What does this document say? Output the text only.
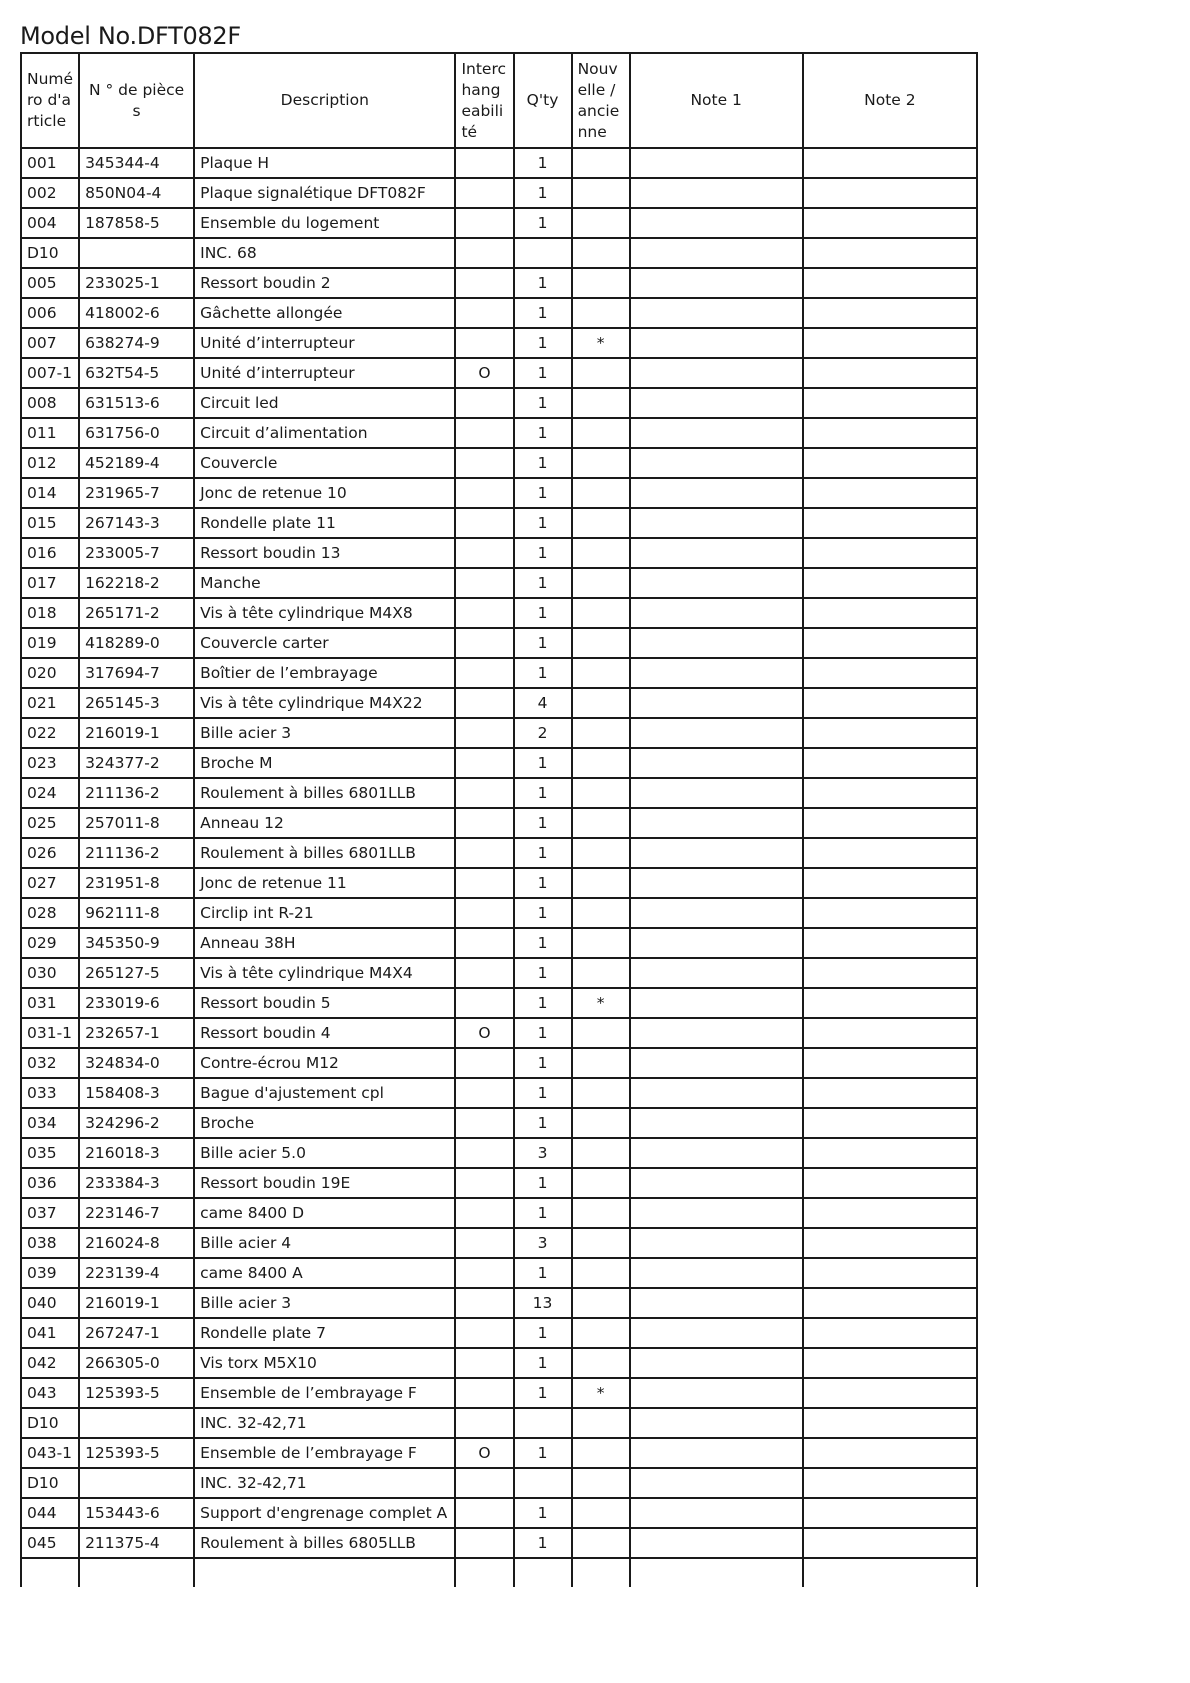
Model No.DFT082F
Numéro d'article	N ° de pièces	Description	Interchangeabilité	Q'ty	Nouvelle / ancienne	Note 1	Note 2
001	345344-4	Plaque H		1			
002	850N04-4	Plaque signalétique DFT082F		1			
004	187858-5	Ensemble du logement		1			
D10		INC. 68					
005	233025-1	Ressort boudin 2		1			
006	418002-6	Gâchette allongée		1			
007	638274-9	Unité d’interrupteur		1	*		
007-1	632T54-5	Unité d’interrupteur	O	1			
008	631513-6	Circuit led		1			
011	631756-0	Circuit d’alimentation		1			
012	452189-4	Couvercle		1			
014	231965-7	Jonc de retenue 10		1			
015	267143-3	Rondelle plate 11		1			
016	233005-7	Ressort boudin 13		1			
017	162218-2	Manche		1			
018	265171-2	Vis à tête cylindrique M4X8		1			
019	418289-0	Couvercle carter		1			
020	317694-7	Boîtier de l’embrayage		1			
021	265145-3	Vis à tête cylindrique M4X22		4			
022	216019-1	Bille acier 3		2			
023	324377-2	Broche M		1			
024	211136-2	Roulement à billes 6801LLB		1			
025	257011-8	Anneau 12		1			
026	211136-2	Roulement à billes 6801LLB		1			
027	231951-8	Jonc de retenue 11		1			
028	962111-8	Circlip int R-21		1			
029	345350-9	Anneau 38H		1			
030	265127-5	Vis à tête cylindrique M4X4		1			
031	233019-6	Ressort boudin 5		1	*		
031-1	232657-1	Ressort boudin 4	O	1			
032	324834-0	Contre-écrou M12		1			
033	158408-3	Bague d'ajustement cpl		1			
034	324296-2	Broche		1			
035	216018-3	Bille acier 5.0		3			
036	233384-3	Ressort boudin 19E		1			
037	223146-7	came 8400 D		1			
038	216024-8	Bille acier 4		3			
039	223139-4	came 8400 A		1			
040	216019-1	Bille acier 3		13			
041	267247-1	Rondelle plate 7		1			
042	266305-0	Vis torx M5X10		1			
043	125393-5	Ensemble de l’embrayage F		1	*		
D10		INC. 32-42,71					
043-1	125393-5	Ensemble de l’embrayage F	O	1			
D10		INC. 32-42,71					
044	153443-6	Support d'engrenage complet A		1			
045	211375-4	Roulement à billes 6805LLB		1			
